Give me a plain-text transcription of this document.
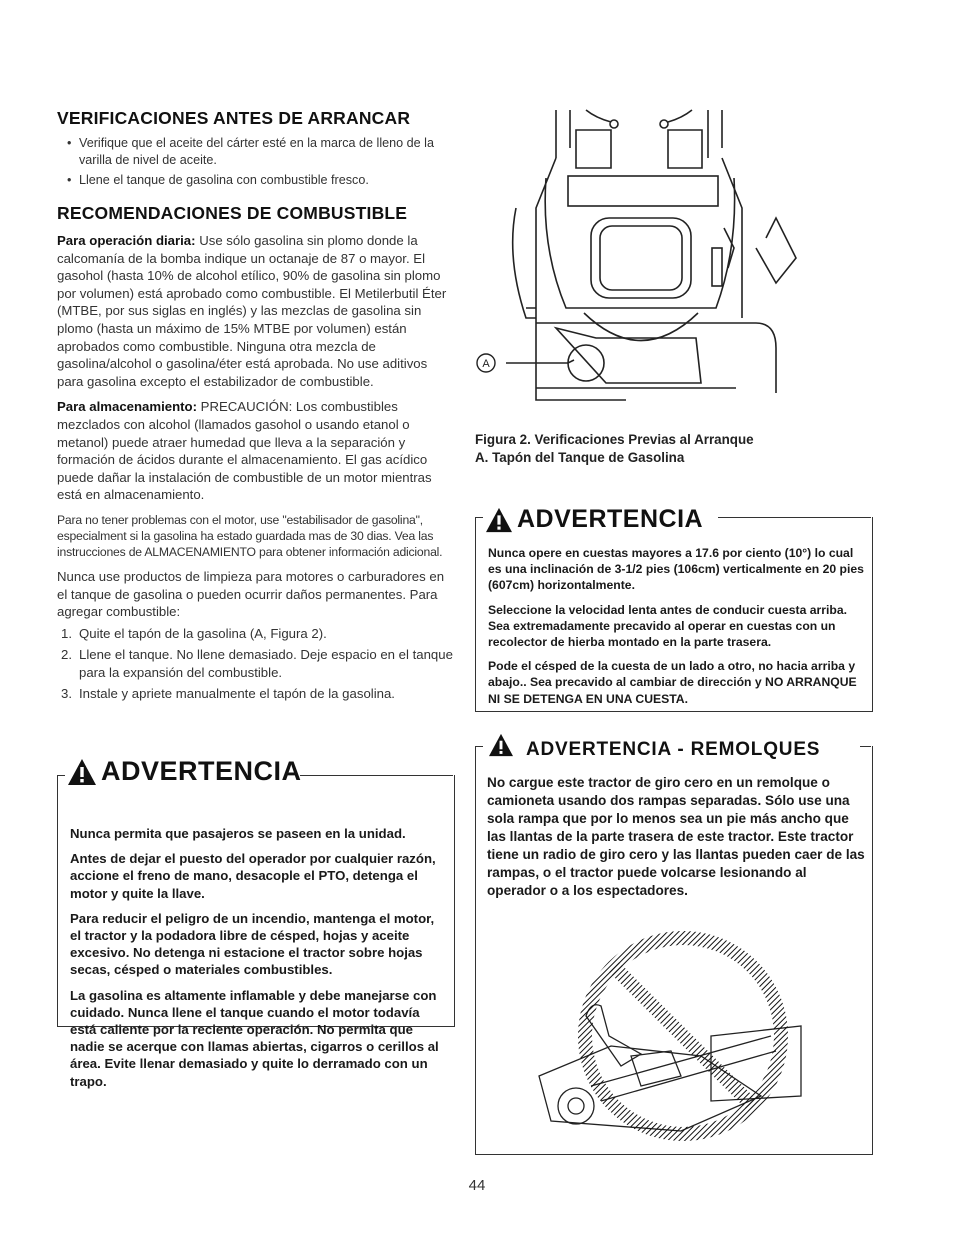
VERIFICACIONES ANTES DE ARRANCAR
• Verifique que el aceite del cárter esté en la marca de lleno de la varilla de nivel de aceite.
• Llene el tanque de gasolina con combustible fresco.
RECOMENDACIONES DE COMBUSTIBLE

Para operación diaria: Use sólo gasolina sin plomo donde la calcomanía de la bomba indique un octanaje de 87 o mayor. El gasohol (hasta 10% de alcohol etílico, 90% de gasolina sin plomo por volumen) está aprobado como combustible. El Metilerbutil Éter (MTBE, por sus siglas en inglés) y las mezclas de gasolina sin plomo (hasta un máximo de 15% MTBE por volumen) están aprobados como combustible. Ninguna otra mezcla de gasolina/alcohol o gasolina/éter está aprobada. No use aditivos para gasolina excepto el estabilizador de combustible.

Para almacenamiento: PRECAUCIÓN: Los combustibles mezclados con alcohol (llamados gasohol o usando etanol o metanol) puede atraer humedad que lleva a la separación y formación de ácidos durante el almacenamiento. El gas acídico puede dañar la instalación de combustible de un motor mientras está en almacenamiento.

Para no tener problemas con el motor, use "estabilisador de gasolina", especialment si la gasolina ha estado guardada mas de 30 dias. Vea las instrucciones de ALMACENAMIENTO para obtener información adicional.

Nunca use productos de limpieza para motores o carburadores en el tanque de gasolina o pueden ocurrir daños permanentes. Para agregar combustible:

1. Quite el tapón de la gasolina (A, Figura 2).
2. Llene el tanque. No llene demasiado. Deje espacio en el tanque para la expansión del combustible.
3. Instale y apriete manualmente el tapón de la gasolina.

Nunca permita que pasajeros se paseen en la unidad.

Antes de dejar el puesto del operador por cualquier razón, accione el freno de mano, desacople el PTO, detenga el motor y quite la llave.

Para reducir el peligro de un incendio, mantenga el motor, el tractor y la podadora libre de césped, hojas y aceite excesivo. No detenga ni estacione el tractor sobre hojas secas, césped o materiales combustibles.

La gasolina es altamente inflamable y debe manejarse con cuidado. Nunca llene el tanque cuando el motor todavía está caliente por la reciente operación. No permita que nadie se acerque con llamas abiertas, cigarros o cerillos al área. Evite llenar demasiado y quite lo derramado con un trapo.

ADVERTENCIA
A
Figura 2. Verificaciones Previas al Arranque
A. Tapón del Tanque de Gasolina

Nunca opere en cuestas mayores a 17.6 por ciento (10°) lo cual es una inclinación de 3-1/2 pies (106cm) verticalmente en 20 pies (607cm) horizontalmente.

Seleccione la velocidad lenta antes de conducir cuesta arriba. Sea extremadamente precavido al operar en cuestas con un recolector de hierba montado en la parte trasera.

Pode el césped de la cuesta de un lado a otro, no hacia arriba y abajo.. Sea precavido al cambiar de dirección y NO ARRANQUE NI SE DETENGA EN UNA CUESTA.

ADVERTENCIA

No cargue este tractor de giro cero en un remolque o camioneta usando dos rampas separadas. Sólo use una sola rampa que por lo menos sea un pie más ancho que las llantas de la parte trasera de este tractor. Este tractor tiene un radio de giro cero y las llantas pueden caer de las rampas, o el tractor puede volcarse lesionando al operador o a los espectadores.

ADVERTENCIA - REMOLQUES
44
